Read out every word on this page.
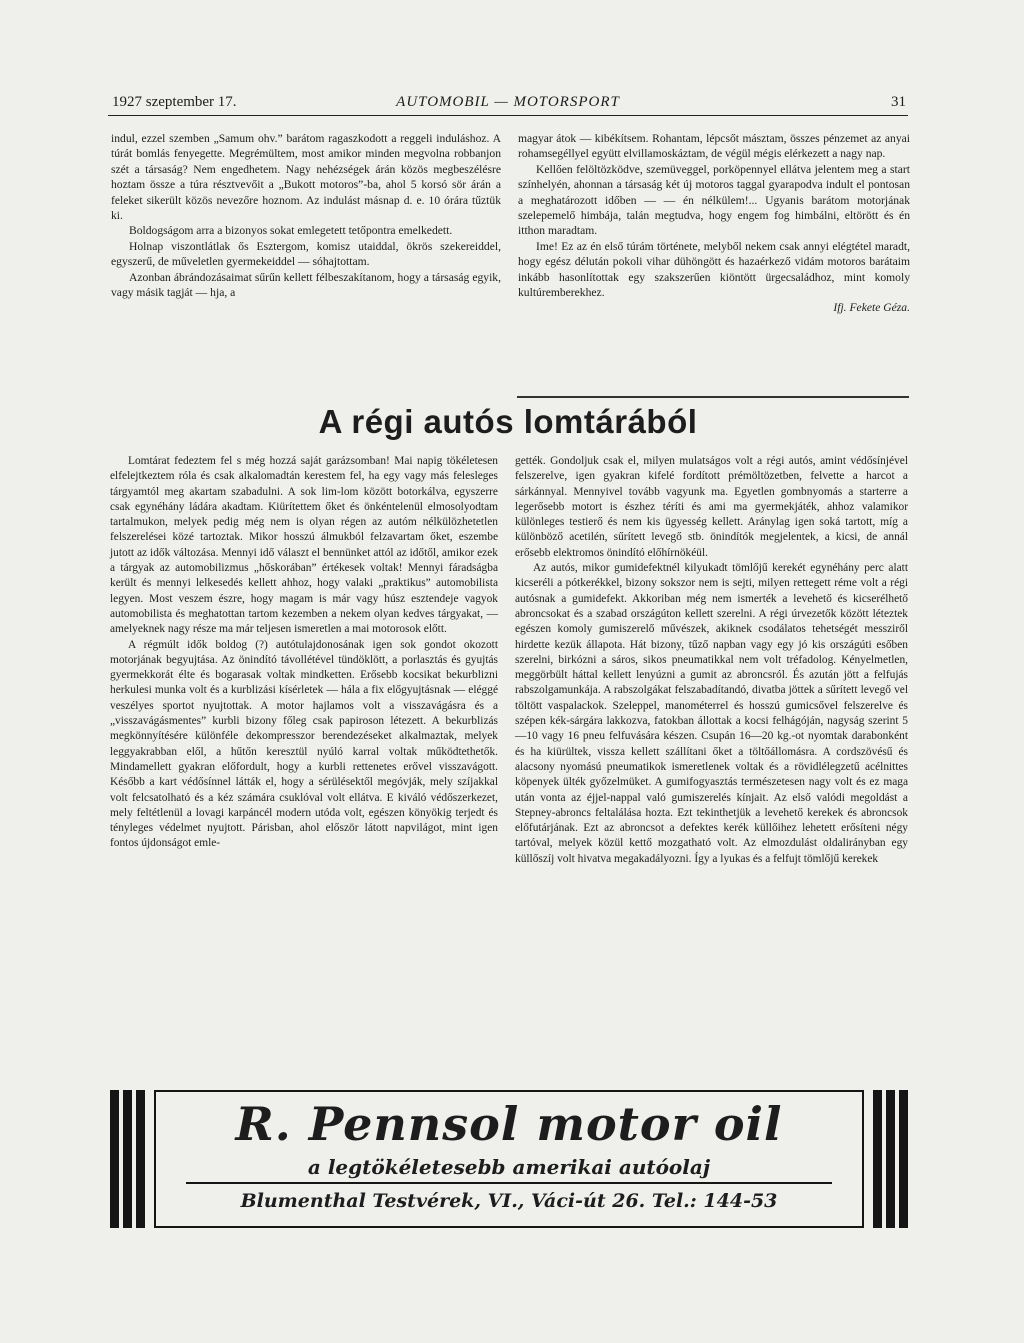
1927 szeptember 17.	AUTOMOBIL — MOTORSPORT	31

indul, ezzel szemben „Samum ohv.” barátom ragaszkodott a reggeli induláshoz. A túrát bomlás fenyegette. Megrémültem, most amikor minden megvolna robbanjon szét a társaság? Nem engedhetem. Nagy nehézségek árán közös megbeszélésre hoztam össze a túra résztvevőit a „Bukott motoros”-ba, ahol 5 korsó sör árán a feleket sikerült közös nevezőre hoznom. Az indulást másnap d. e. 10 órára tűztük ki.

Boldogságom arra a bizonyos sokat emlegetett tetőpontra emelkedett.

Holnap viszontlátlak ős Esztergom, komisz utaiddal, ökrös szekereiddel, egyszerű, de műveletlen gyermekeiddel — sóhajtottam.

Azonban ábrándozásaimat sűrűn kellett félbeszakítanom, hogy a társaság egyik, vagy másik tagját — hja, a

magyar átok — kibékítsem. Rohantam, lépcsőt másztam, összes pénzemet az anyai rohamsegéllyel együtt elvillamoskáztam, de végül mégis elérkezett a nagy nap.

Kellően felöltözködve, szemüveggel, porköpennyel ellátva jelentem meg a start színhelyén, ahonnan a társaság két új motoros taggal gyarapodva indult el pontosan a meghatározott időben — — én nélkülem!... Ugyanis barátom motorjának szelepemelő himbája, talán megtudva, hogy engem fog himbálni, eltörött és én itthon maradtam.

Ime! Ez az én első túrám története, melyből nekem csak annyi elégtétel maradt, hogy egész délután pokoli vihar dühöngött és hazaérkező vidám motoros barátaim inkább hasonlítottak egy szakszerűen kiöntött ürgecsaládhoz, mint komoly kultúremberekhez.

Ifj. Fekete Géza.

A régi autós lomtárából

Lomtárat fedeztem fel s még hozzá saját garázsomban! Mai napig tökéletesen elfelejtkeztem róla és csak alkalomadtán kerestem fel, ha egy vagy más felesleges tárgyamtól meg akartam szabadulni. A sok lim-lom között botorkálva, egyszerre csak egynéhány ládára akadtam. Kiürítettem őket és önkéntelenül elmosolyodtam tartalmukon, melyek pedig még nem is olyan régen az autóm nélkülözhetetlen felszerelései közé tartoztak. Mikor hosszú álmukból felzavartam őket, eszembe jutott az idők változása. Mennyi idő választ el bennünket attól az időtől, amikor ezek a tárgyak az automobilizmus „hőskorában” értékesek voltak! Mennyi fáradságba került és mennyi lelkesedés kellett ahhoz, hogy valaki „praktikus” automobilista legyen. Most veszem észre, hogy magam is már vagy húsz esztendeje vagyok automobilista és meghatottan tartom kezemben a nekem olyan kedves tárgyakat, — amelyeknek nagy része ma már teljesen ismeretlen a mai motorosok előtt.

A régmúlt idők boldog (?) autótulajdonosának igen sok gondot okozott motorjának begyujtása. Az önindító távollétével tündöklött, a porlasztás és gyujtás gyermekkorát élte és bogarasak voltak mindketten. Erősebb kocsikat bekurblizni herkulesi munka volt és a kurblizási kísérletek — hála a fix előgyujtásnak — eléggé veszélyes sportot nyujtottak. A motor hajlamos volt a visszavágásra és a „visszavágásmentes” kurbli bizony főleg csak papiroson létezett. A bekurblizás megkönnyítésére különféle dekompresszor berendezéseket alkalmaztak, melyek leggyakrabban elől, a hűtőn keresztül nyúló karral voltak működtethetők. Mindamellett gyakran előfordult, hogy a kurbli rettenetes erővel visszavágott. Később a kart védősínnel látták el, hogy a sérülésektől megóvják, mely szíjakkal volt felcsatolható és a kéz számára csuklóval volt ellátva. E kiváló védőszerkezet, mely feltétlenül a lovagi karpáncél modern utóda volt, egészen könyökig terjedt és tényleges védelmet nyujtott. Párisban, ahol először látott napvilágot, mint igen fontos újdonságot emle-

gették. Gondoljuk csak el, milyen mulatságos volt a régi autós, amint védősínjével felszerelve, igen gyakran kifelé fordított prémöltözetben, felvette a harcot a sárkánnyal. Mennyivel tovább vagyunk ma. Egyetlen gombnyomás a starterre a legerősebb motort is észhez téríti és ami ma gyermekjáték, ahhoz valamikor különleges testierő és nem kis ügyesség kellett. Aránylag igen soká tartott, míg a különböző acetilén, sűrített levegő stb. önindítók megjelentek, a kicsi, de annál erősebb elektromos önindító előhírnökéül.

Az autós, mikor gumidefektnél kilyukadt tömlőjű kerekét egynéhány perc alatt kicseréli a pótkerékkel, bizony sokszor nem is sejti, milyen rettegett réme volt a régi autósnak a gumidefekt. Akkoriban még nem ismerték a levehető és kicserélhető abroncsokat és a szabad országúton kellett szerelni. A régi úrvezetők között léteztek egészen komoly gumiszerelő művészek, akiknek csodálatos tehetségét messziről hirdette kezük állapota. Hát bizony, tűző napban vagy egy jó kis országúti esőben szerelni, birkózni a sáros, sikos pneumatikkal nem volt tréfadolog. Kényelmetlen, meggörbült háttal kellett lenyúzni a gumit az abroncsról. És azután jött a felfujás rabszolgamunkája. A rabszolgákat felszabadítandó, divatba jöttek a sűrített levegő vel töltött vaspalackok. Szeleppel, manométerrel és hosszú gumicsővel felszerelve és szépen kék-sárgára lakkozva, fatokban állottak a kocsi felhágóján, nagyság szerint 5—10 vagy 16 pneu felfuvására készen. Csupán 16—20 kg.-ot nyomtak darabonként és ha kiürültek, vissza kellett szállítani őket a töltőállomásra. A cordszövésű és alacsony nyomású pneumatikok ismeretlenek voltak és a rövidlélegzetű acélnittes köpenyek ülték győzelmüket. A gumifogyasztás természetesen nagy volt és ez maga után vonta az éjjel-nappal való gumiszerelés kínjait. Az első valódi megoldást a Stepney-abroncs feltalálása hozta. Ezt tekinthetjük a levehető kerekek és abroncsok előfutárjának. Ezt az abroncsot a defektes kerék küllőihez lehetett erősíteni négy tartóval, melyek közül kettő mozgatható volt. Az elmozdulást oldalirányban egy küllőszíj volt hivatva megakadályozni. Így a lyukas és a felfujt tömlőjű kerekek

R. Pennsol motor oil
a legtökéletesebb amerikai autóolaj
Blumenthal Testvérek, VI., Váci-út 26. Tel.: 144-53
